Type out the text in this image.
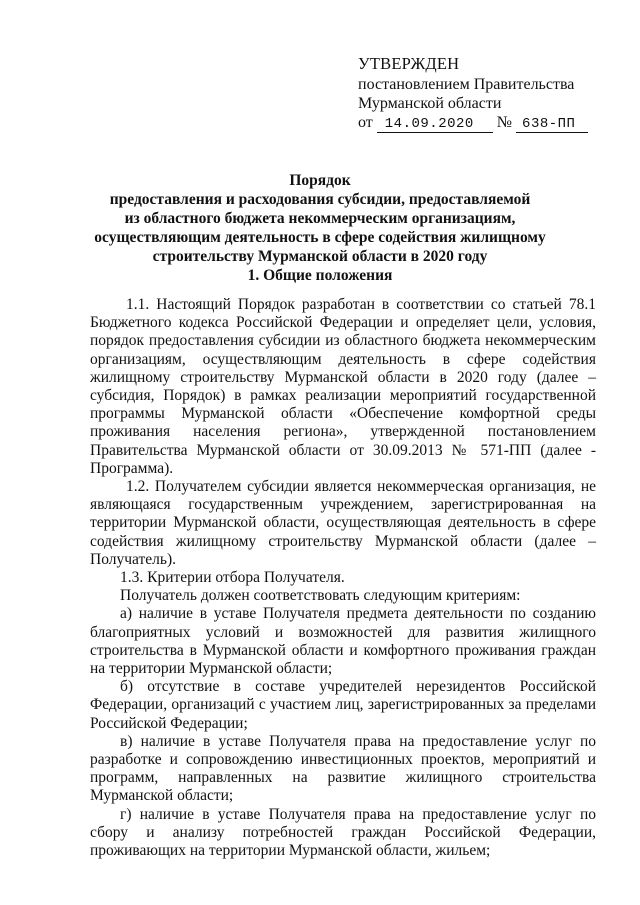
УТВЕРЖДЕН
постановлением Правительства
Мурманской области
от 14.09.2020 № 638-ПП
Порядок
предоставления и расходования субсидии, предоставляемой
из областного бюджета некоммерческим организациям,
осуществляющим деятельность в сфере содействия жилищному
строительству Мурманской области в 2020 году
1. Общие положения

1.1. Настоящий Порядок разработан в соответствии со статьей 78.1 Бюджетного кодекса Российской Федерации и определяет цели, условия, порядок предоставления субсидии из областного бюджета некоммерческим организациям, осуществляющим деятельность в сфере содействия жилищному строительству Мурманской области в 2020 году (далее – субсидия, Порядок) в рамках реализации мероприятий государственной программы Мурманской области «Обеспечение комфортной среды проживания населения региона», утвержденной постановлением Правительства Мурманской области от 30.09.2013 № 571-ПП (далее - Программа).

1.2. Получателем субсидии является некоммерческая организация, не являющаяся государственным учреждением, зарегистрированная на территории Мурманской области, осуществляющая деятельность в сфере содействия жилищному строительству Мурманской области (далее – Получатель).

1.3. Критерии отбора Получателя.

Получатель должен соответствовать следующим критериям:

а) наличие в уставе Получателя предмета деятельности по созданию благоприятных условий и возможностей для развития жилищного строительства в Мурманской области и комфортного проживания граждан на территории Мурманской области;

б) отсутствие в составе учредителей нерезидентов Российской Федерации, организаций с участием лиц, зарегистрированных за пределами Российской Федерации;

в) наличие в уставе Получателя права на предоставление услуг по разработке и сопровождению инвестиционных проектов, мероприятий и программ, направленных на развитие жилищного строительства Мурманской области;

г) наличие в уставе Получателя права на предоставление услуг по сбору и анализу потребностей граждан Российской Федерации, проживающих на территории Мурманской области, жильем;
